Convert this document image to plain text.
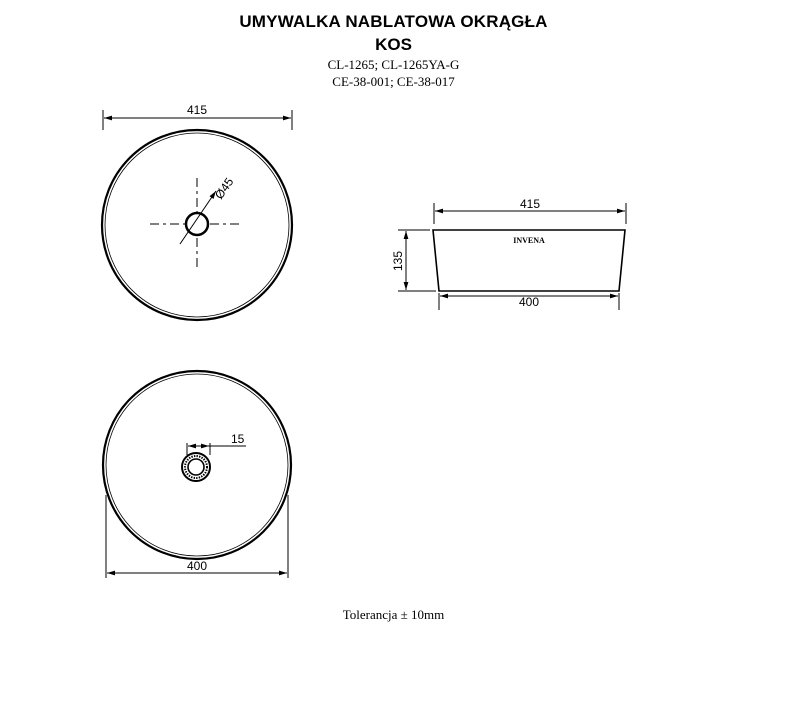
UMYWALKA NABLATOWA OKRĄGŁA
KOS
CL-1265; CL-1265YA-G
CE-38-001; CE-38-017
415
Ø45
415
INVENA
135
400
15
400
Tolerancja ± 10mm
